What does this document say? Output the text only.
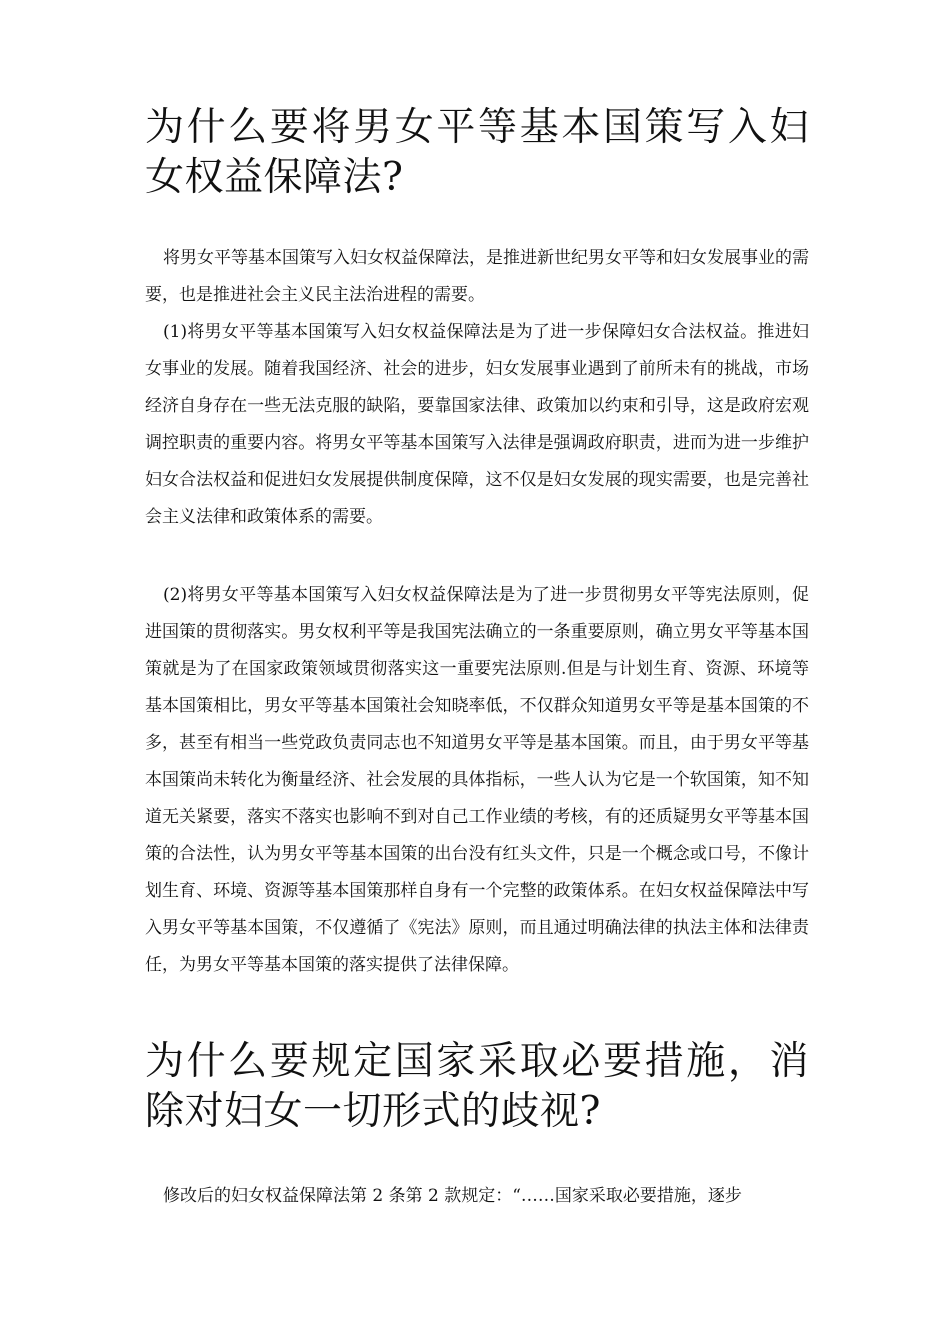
为什么要将男女平等基本国策写入妇女权益保障法?

将男女平等基本国策写入妇女权益保障法，是推进新世纪男女平等和妇女发展事业的需要，也是推进社会主义民主法治进程的需要。

(1)将男女平等基本国策写入妇女权益保障法是为了进一步保障妇女合法权益。推进妇女事业的发展。随着我国经济、社会的进步，妇女发展事业遇到了前所未有的挑战，市场经济自身存在一些无法克服的缺陷，要靠国家法律、政策加以约束和引导，这是政府宏观调控职责的重要内容。将男女平等基本国策写入法律是强调政府职责，进而为进一步维护妇女合法权益和促进妇女发展提供制度保障，这不仅是妇女发展的现实需要，也是完善社会主义法律和政策体系的需要。

(2)将男女平等基本国策写入妇女权益保障法是为了进一步贯彻男女平等宪法原则，促进国策的贯彻落实。男女权利平等是我国宪法确立的一条重要原则，确立男女平等基本国策就是为了在国家政策领域贯彻落实这一重要宪法原则.但是与计划生育、资源、环境等基本国策相比，男女平等基本国策社会知晓率低，不仅群众知道男女平等是基本国策的不多，甚至有相当一些党政负责同志也不知道男女平等是基本国策。而且，由于男女平等基本国策尚未转化为衡量经济、社会发展的具体指标，一些人认为它是一个软国策，知不知道无关紧要，落实不落实也影响不到对自己工作业绩的考核，有的还质疑男女平等基本国策的合法性，认为男女平等基本国策的出台没有红头文件，只是一个概念或口号，不像计划生育、环境、资源等基本国策那样自身有一个完整的政策体系。在妇女权益保障法中写入男女平等基本国策，不仅遵循了《宪法》原则，而且通过明确法律的执法主体和法律责任，为男女平等基本国策的落实提供了法律保障。

为什么要规定国家采取必要措施，消除对妇女一切形式的歧视?

修改后的妇女权益保障法第 2 条第 2 款规定：“……国家采取必要措施，逐步
